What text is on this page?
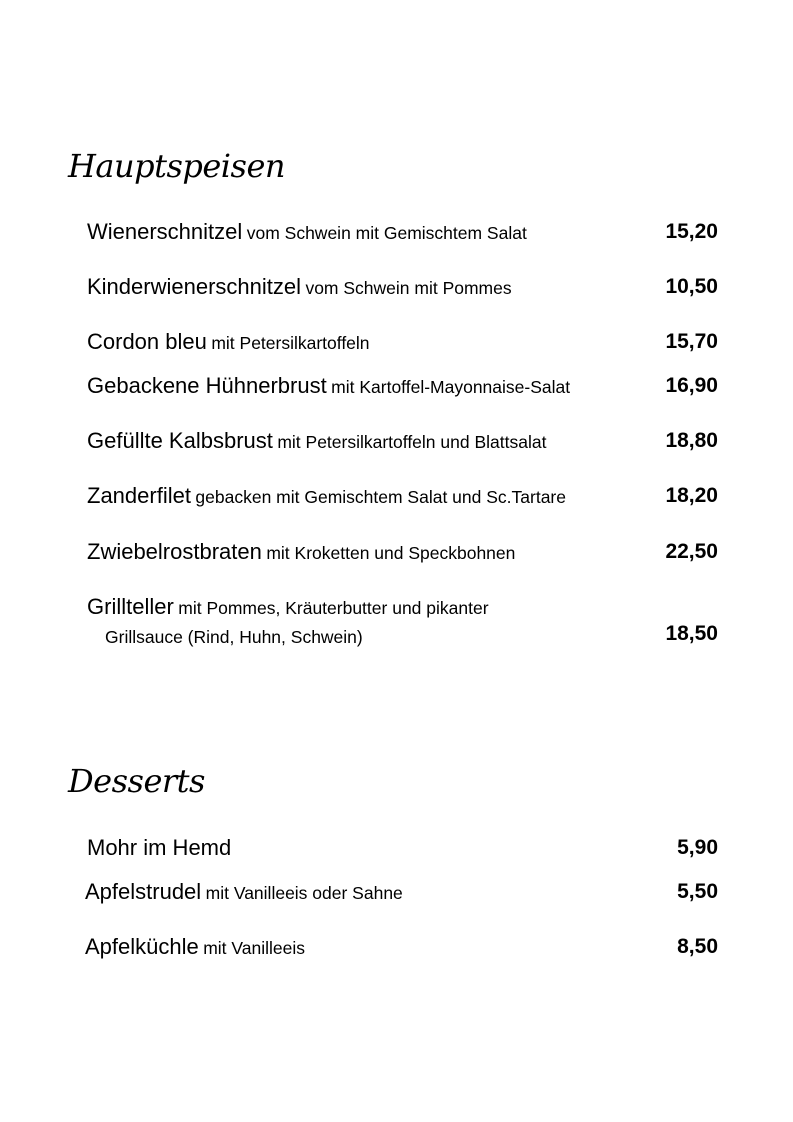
Hauptspeisen
Wienerschnitzel vom Schwein mit Gemischtem Salat	15,20
Kinderwienerschnitzel vom Schwein mit Pommes	10,50
Cordon bleu mit Petersilkartoffeln	15,70
Gebackene Hühnerbrust mit Kartoffel-Mayonnaise-Salat	16,90
Gefüllte Kalbsbrust mit Petersilkartoffeln und Blattsalat	18,80
Zanderfilet gebacken mit Gemischtem Salat und Sc.Tartare	18,20
Zwiebelrostbraten mit Kroketten und Speckbohnen	22,50
Grillteller mit Pommes, Kräuterbutter und pikanter
Grillsauce (Rind, Huhn, Schwein)	18,50
Desserts
Mohr im Hemd	5,90
Apfelstrudel mit Vanilleeis oder Sahne	5,50
Apfelküchle mit Vanilleeis	8,50
